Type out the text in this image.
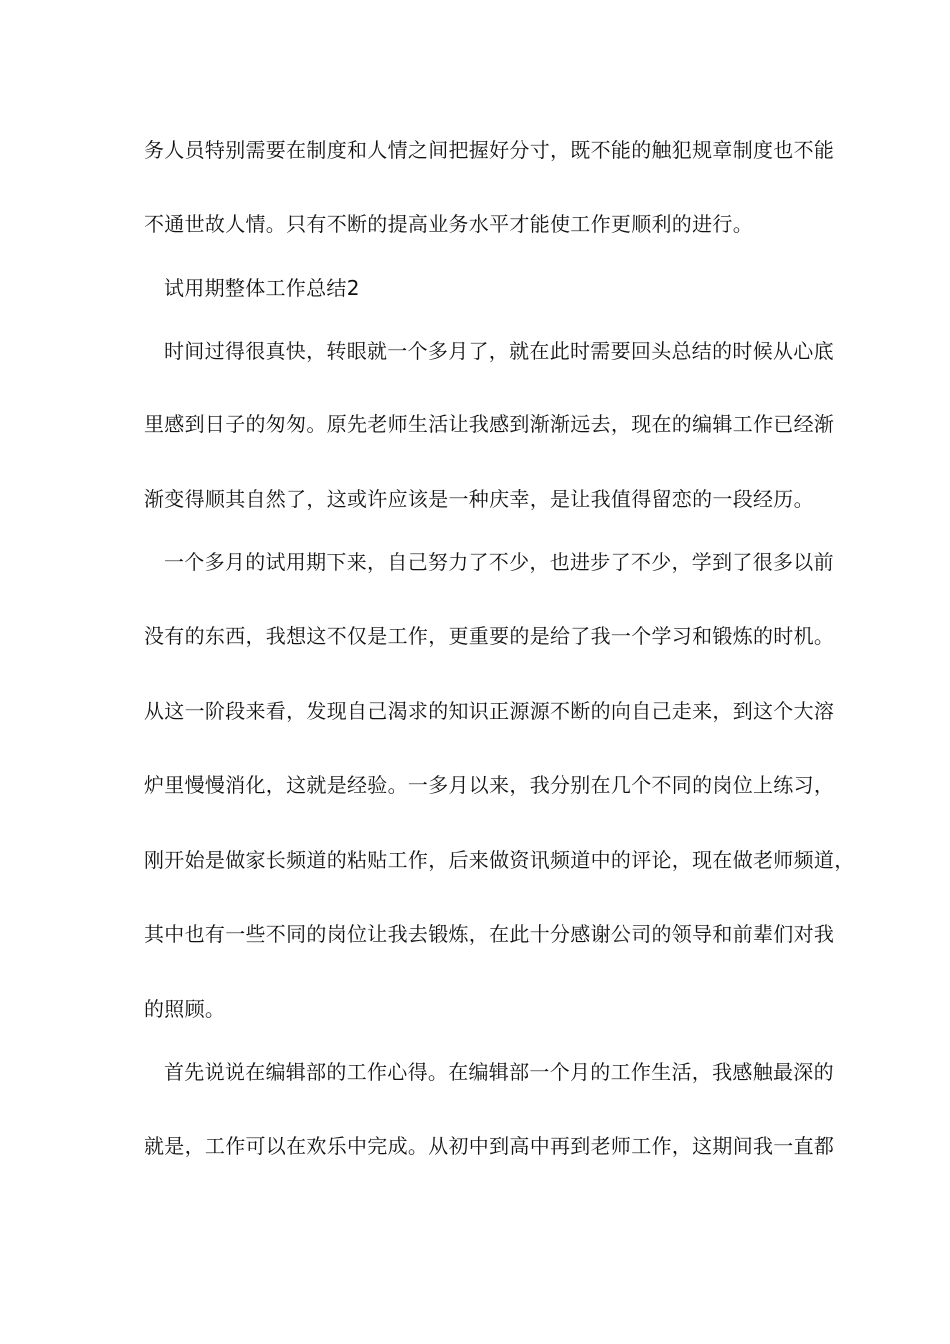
务人员特别需要在制度和人情之间把握好分寸，既不能的触犯规章制度也不能
不通世故人情。只有不断的提高业务水平才能使工作更顺利的进行。
试用期整体工作总结2
时间过得很真快，转眼就一个多月了，就在此时需要回头总结的时候从心底
里感到日子的匆匆。原先老师生活让我感到渐渐远去，现在的编辑工作已经渐
渐变得顺其自然了，这或许应该是一种庆幸，是让我值得留恋的一段经历。
一个多月的试用期下来，自己努力了不少，也进步了不少，学到了很多以前
没有的东西，我想这不仅是工作，更重要的是给了我一个学习和锻炼的时机。
从这一阶段来看，发现自己渴求的知识正源源不断的向自己走来，到这个大溶
炉里慢慢消化，这就是经验。一多月以来，我分别在几个不同的岗位上练习，
刚开始是做家长频道的粘贴工作，后来做资讯频道中的评论，现在做老师频道，
其中也有一些不同的岗位让我去锻炼，在此十分感谢公司的领导和前辈们对我
的照顾。
首先说说在编辑部的工作心得。在编辑部一个月的工作生活，我感触最深的
就是，工作可以在欢乐中完成。从初中到高中再到老师工作，这期间我一直都
